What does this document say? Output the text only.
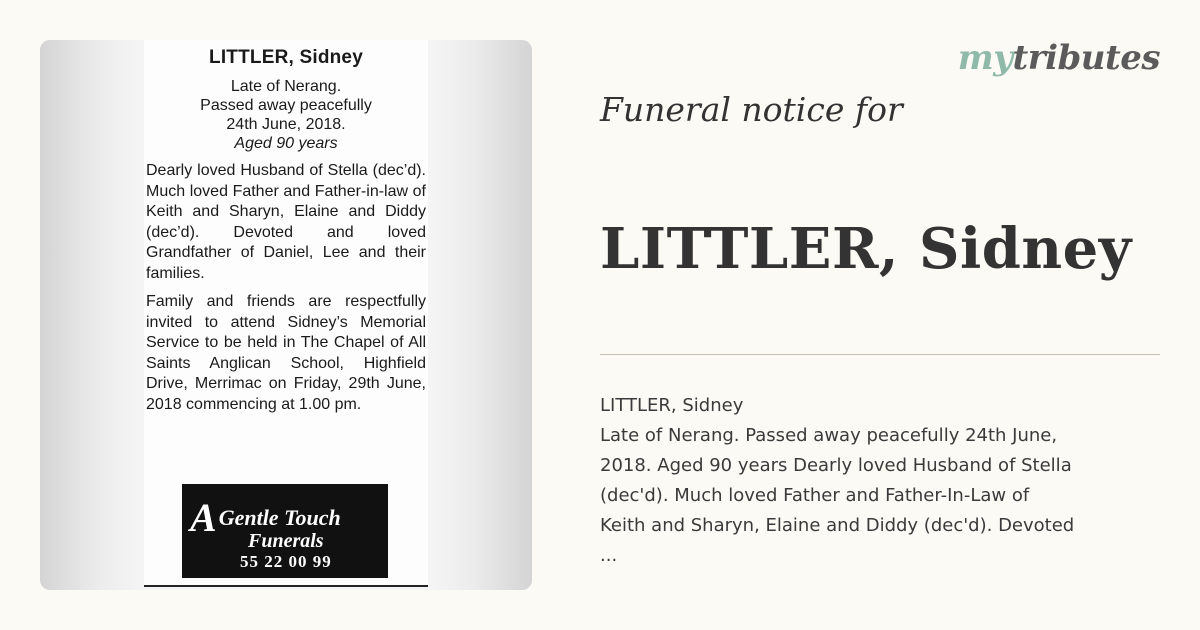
LITTLER, Sidney
Late of Nerang.
Passed away peacefully
24th June, 2018.
Aged 90 years
Dearly loved Husband of Stella (dec’d). Much loved Father and Father-in-law of Keith and Sharyn, Elaine and Diddy (dec’d). Devoted and loved Grandfather of Daniel, Lee and their families.
Family and friends are respectfully invited to attend Sidney’s Memorial Service to be held in The Chapel of All Saints Anglican School, Highfield Drive, Merrimac on Friday, 29th June, 2018 commencing at 1.00 pm.
AGentle Touch
Funerals
55 22 00 99
mytributes
Funeral notice for
LITTLER, Sidney
LITTLER, Sidney
Late of Nerang. Passed away peacefully 24th June,
2018. Aged 90 years Dearly loved Husband of Stella
(dec'd). Much loved Father and Father-In-Law of
Keith and Sharyn, Elaine and Diddy (dec'd). Devoted
...
